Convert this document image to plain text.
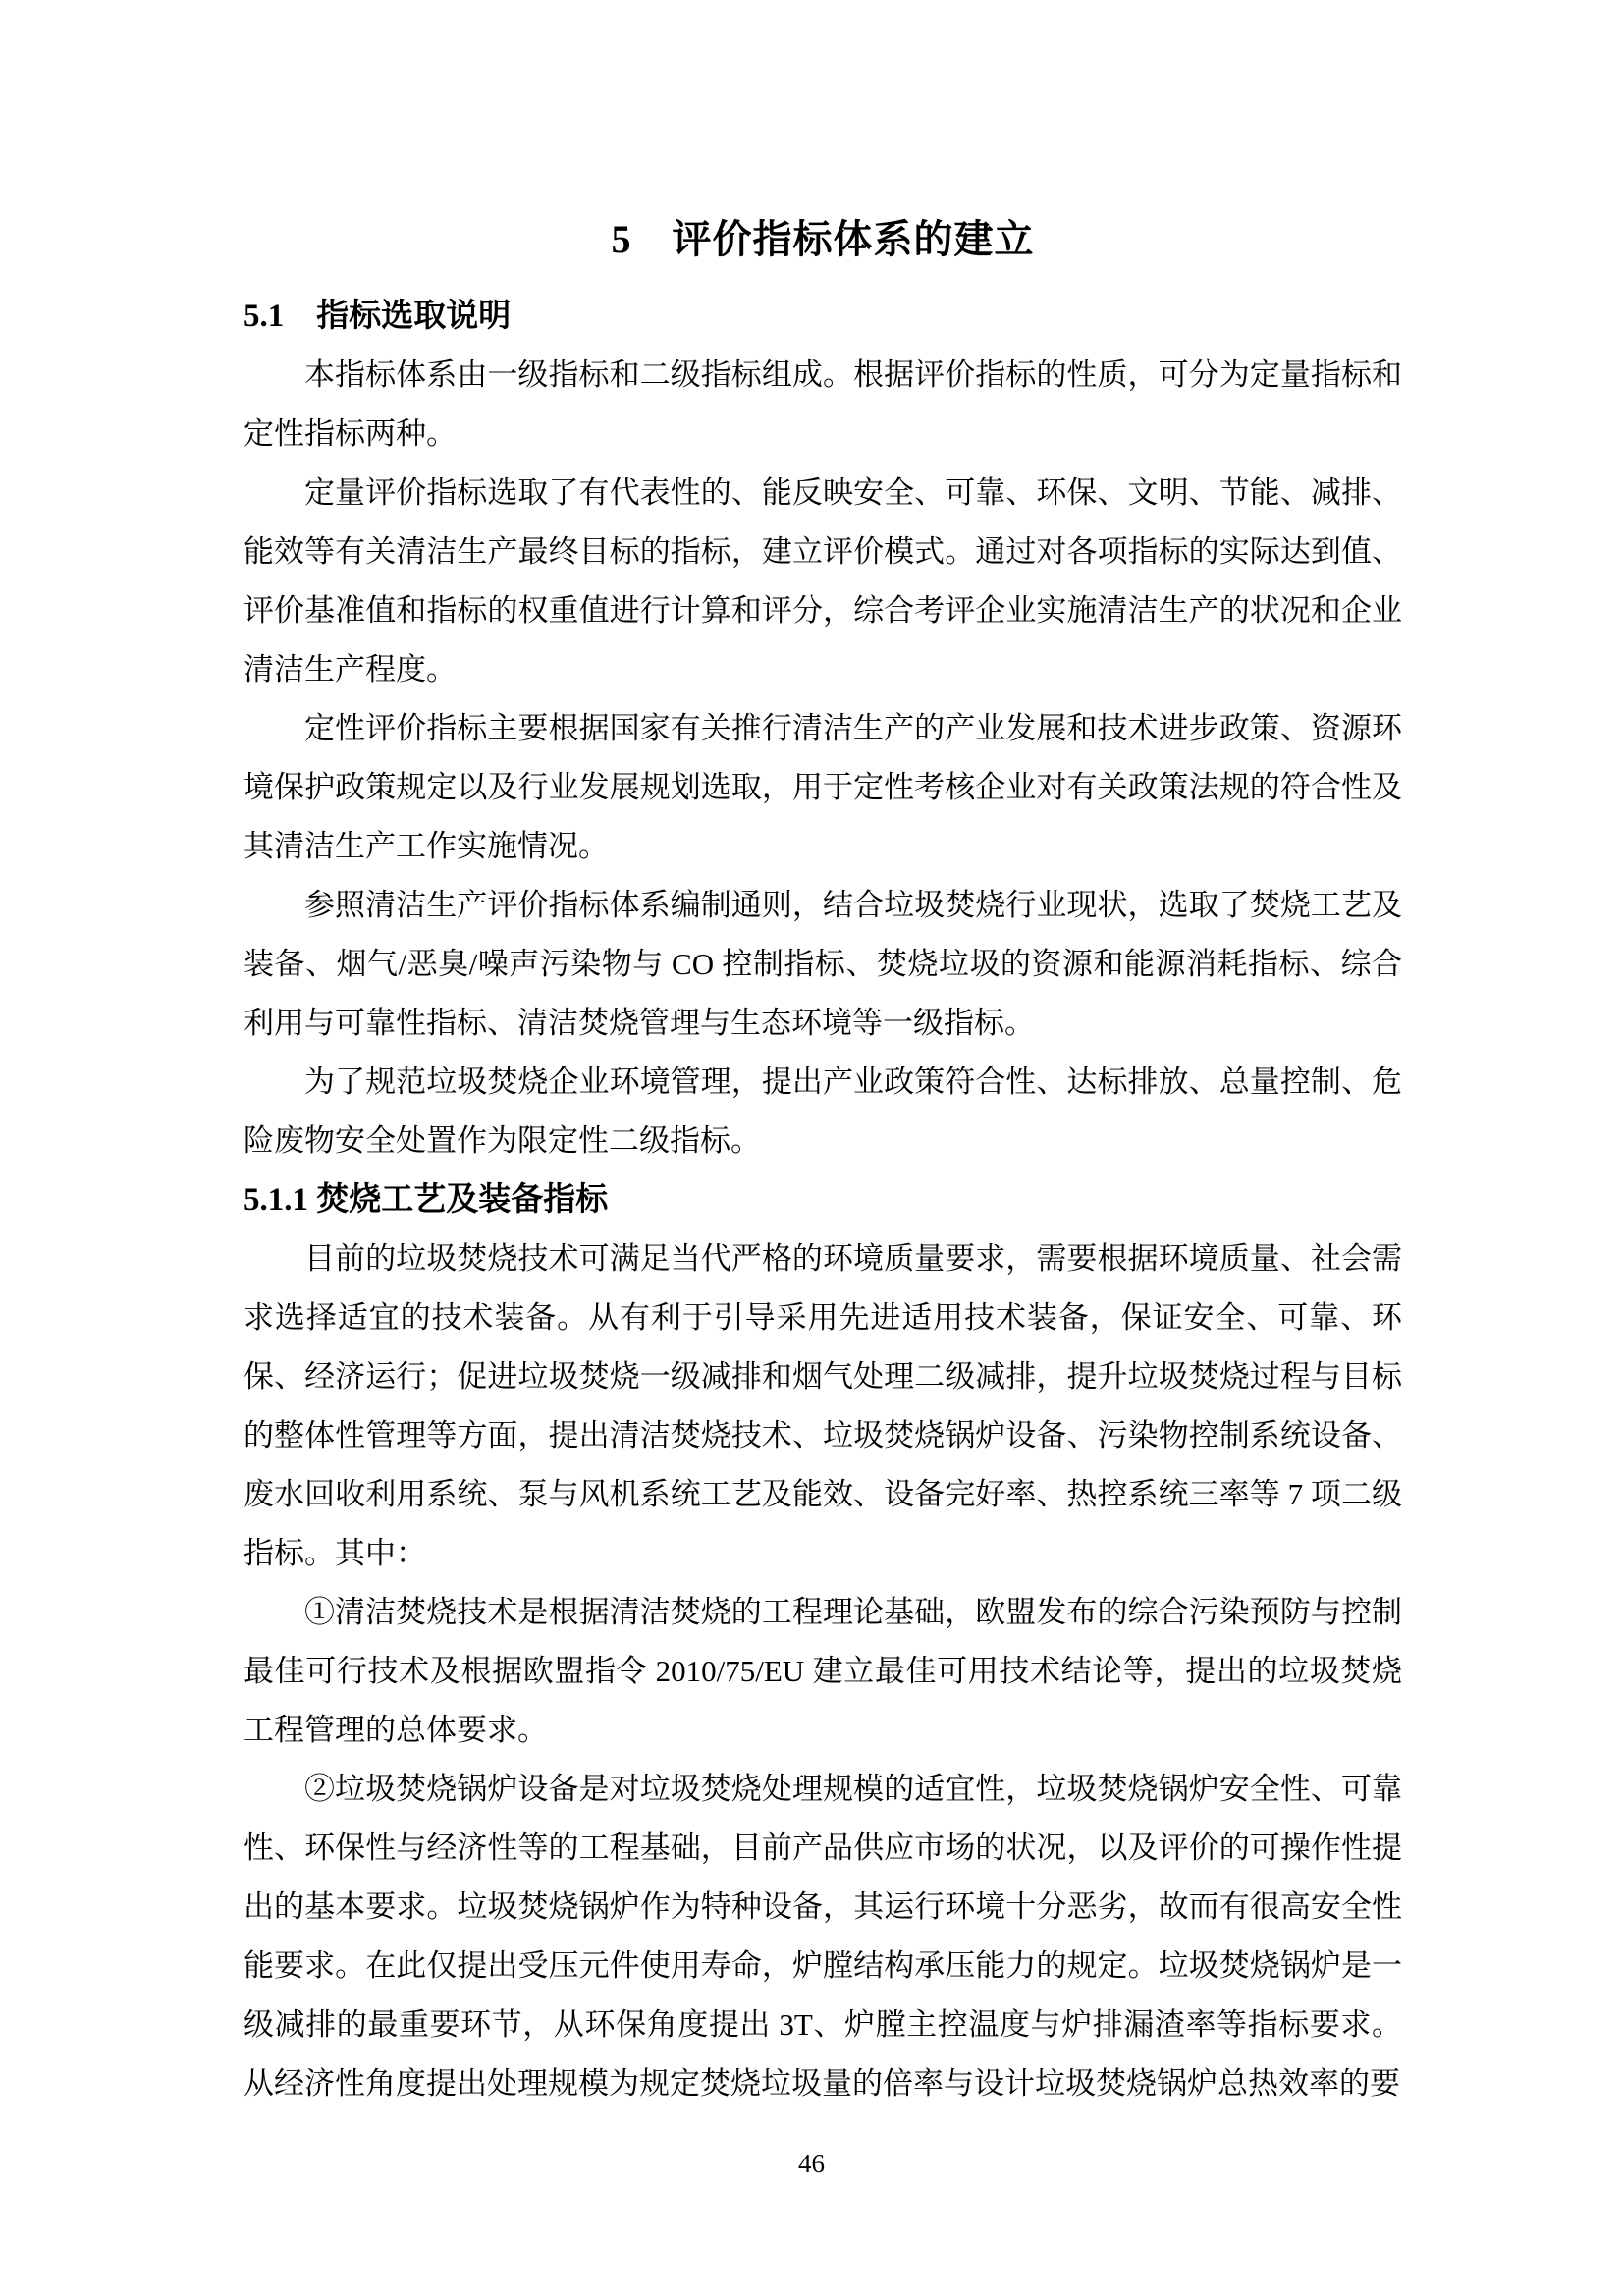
5　评价指标体系的建立
5.1　指标选取说明

本指标体系由一级指标和二级指标组成。根据评价指标的性质，可分为定量指标和定性指标两种。

定量评价指标选取了有代表性的、能反映安全、可靠、环保、文明、节能、减排、能效等有关清洁生产最终目标的指标，建立评价模式。通过对各项指标的实际达到值、评价基准值和指标的权重值进行计算和评分，综合考评企业实施清洁生产的状况和企业清洁生产程度。

定性评价指标主要根据国家有关推行清洁生产的产业发展和技术进步政策、资源环境保护政策规定以及行业发展规划选取，用于定性考核企业对有关政策法规的符合性及其清洁生产工作实施情况。

参照清洁生产评价指标体系编制通则，结合垃圾焚烧行业现状，选取了焚烧工艺及装备、烟气/恶臭/噪声污染物与 CO 控制指标、焚烧垃圾的资源和能源消耗指标、综合利用与可靠性指标、清洁焚烧管理与生态环境等一级指标。

为了规范垃圾焚烧企业环境管理，提出产业政策符合性、达标排放、总量控制、危险废物安全处置作为限定性二级指标。

5.1.1 焚烧工艺及装备指标

目前的垃圾焚烧技术可满足当代严格的环境质量要求，需要根据环境质量、社会需求选择适宜的技术装备。从有利于引导采用先进适用技术装备，保证安全、可靠、环保、经济运行；促进垃圾焚烧一级减排和烟气处理二级减排，提升垃圾焚烧过程与目标的整体性管理等方面，提出清洁焚烧技术、垃圾焚烧锅炉设备、污染物控制系统设备、废水回收利用系统、泵与风机系统工艺及能效、设备完好率、热控系统三率等 7 项二级指标。其中：

①清洁焚烧技术是根据清洁焚烧的工程理论基础，欧盟发布的综合污染预防与控制最佳可行技术及根据欧盟指令 2010/75/EU 建立最佳可用技术结论等，提出的垃圾焚烧工程管理的总体要求。

②垃圾焚烧锅炉设备是对垃圾焚烧处理规模的适宜性，垃圾焚烧锅炉安全性、可靠性、环保性与经济性等的工程基础，目前产品供应市场的状况，以及评价的可操作性提出的基本要求。垃圾焚烧锅炉作为特种设备，其运行环境十分恶劣，故而有很高安全性能要求。在此仅提出受压元件使用寿命，炉膛结构承压能力的规定。垃圾焚烧锅炉是一级减排的最重要环节，从环保角度提出 3T、炉膛主控温度与炉排漏渣率等指标要求。从经济性角度提出处理规模为规定焚烧垃圾量的倍率与设计垃圾焚烧锅炉总热效率的要

46
